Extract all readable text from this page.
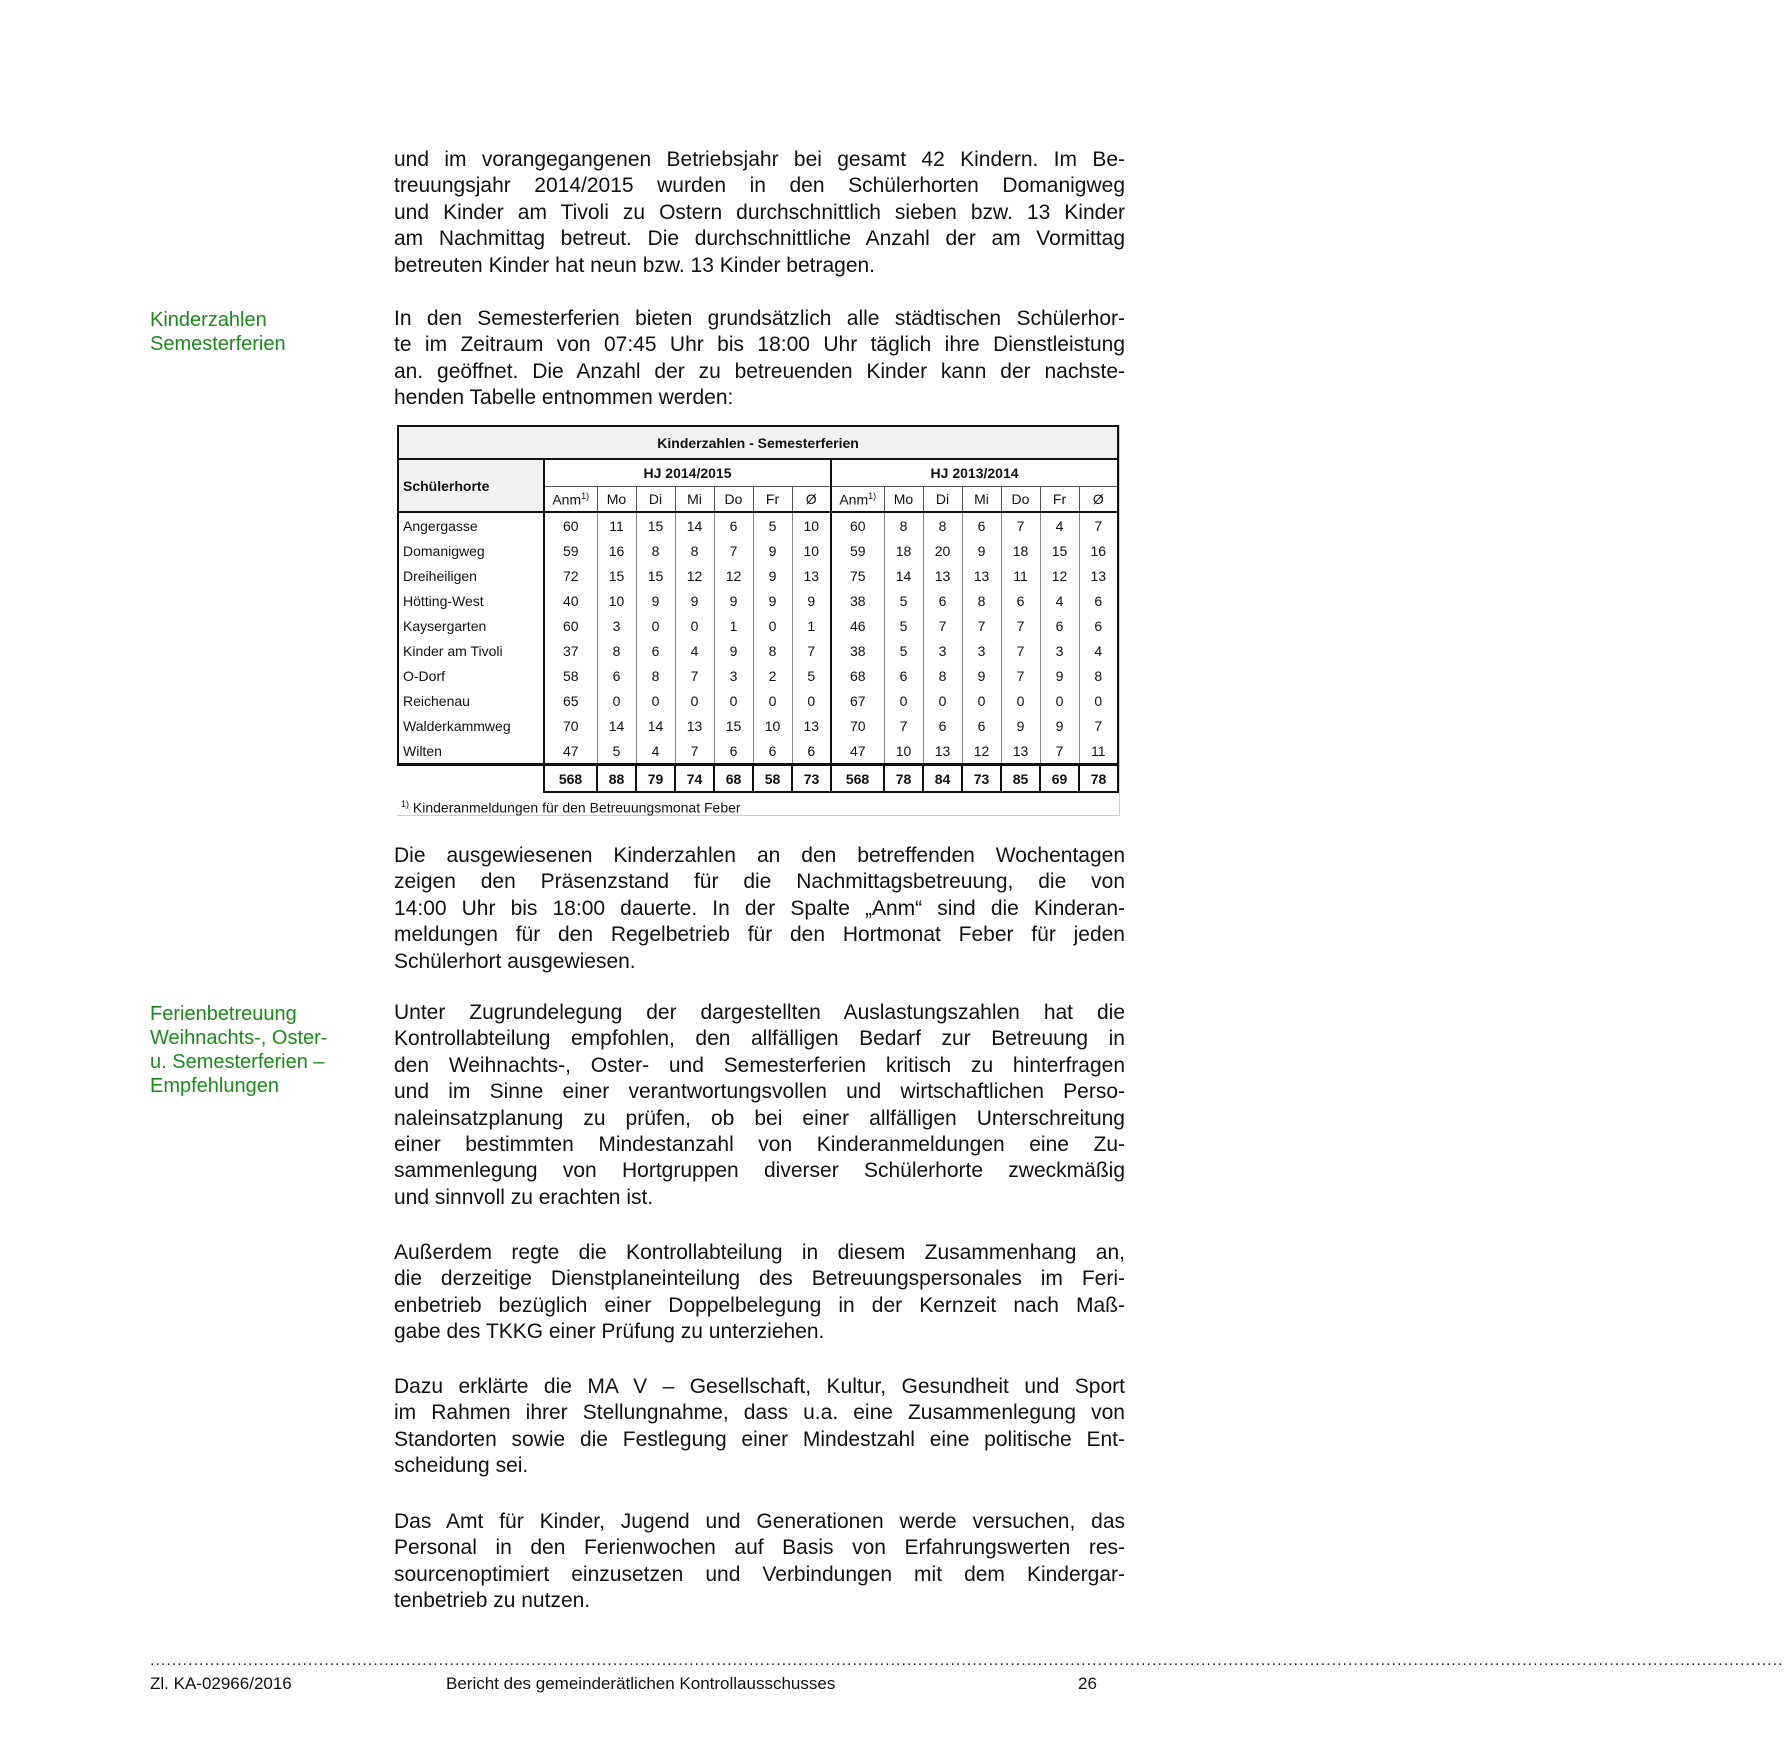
und im vorangegangenen Betriebsjahr bei gesamt 42 Kindern. Im Be-
treuungsjahr 2014/2015 wurden in den Schülerhorten Domanigweg
und Kinder am Tivoli zu Ostern durchschnittlich sieben bzw. 13 Kinder
am Nachmittag betreut. Die durchschnittliche Anzahl der am Vormittag
betreuten Kinder hat neun bzw. 13 Kinder betragen.
Kinderzahlen
Semesterferien
In den Semesterferien bieten grundsätzlich alle städtischen Schülerhor-
te im Zeitraum von 07:45 Uhr bis 18:00 Uhr täglich ihre Dienstleistung
an. geöffnet. Die Anzahl der zu betreuenden Kinder kann der nachste-
henden Tabelle entnommen werden:
Kinderzahlen - Semesterferien														
Schülerhorte	HJ 2014/2015							HJ 2013/2014						
	Anm$^{1)}$	Mo	Di	Mi	Do	Fr	Ø	Anm$^{1)}$	Mo	Di	Mi	Do	Fr	Ø
Angergasse	60	11	15	14	6	5	10	60	8	8	6	7	4	7
Domanigweg	59	16	8	8	7	9	10	59	18	20	9	18	15	16
Dreiheiligen	72	15	15	12	12	9	13	75	14	13	13	11	12	13
Hötting-West	40	10	9	9	9	9	9	38	5	6	8	6	4	6
Kaysergarten	60	3	0	0	1	0	1	46	5	7	7	7	6	6
Kinder am Tivoli	37	8	6	4	9	8	7	38	5	3	3	7	3	4
O-Dorf	58	6	8	7	3	2	5	68	6	8	9	7	9	8
Reichenau	65	0	0	0	0	0	0	67	0	0	0	0	0	0
Walderkammweg	70	14	14	13	15	10	13	70	7	6	6	9	9	7
Wilten	47	5	4	7	6	6	6	47	10	13	12	13	7	11
	568	88	79	74	68	58	73	568	78	84	73	85	69	78
$^{1)}$ Kinderanmeldungen für den Betreuungsmonat Feber
Die ausgewiesenen Kinderzahlen an den betreffenden Wochentagen
zeigen den Präsenzstand für die Nachmittagsbetreuung, die von
14:00 Uhr bis 18:00 dauerte. In der Spalte „Anm“ sind die Kinderan-
meldungen für den Regelbetrieb für den Hortmonat Feber für jeden
Schülerhort ausgewiesen.
Ferienbetreuung
Weihnachts-, Oster-
u. Semesterferien –
Empfehlungen
Unter Zugrundelegung der dargestellten Auslastungszahlen hat die
Kontrollabteilung empfohlen, den allfälligen Bedarf zur Betreuung in
den Weihnachts-, Oster- und Semesterferien kritisch zu hinterfragen
und im Sinne einer verantwortungsvollen und wirtschaftlichen Perso-
naleinsatzplanung zu prüfen, ob bei einer allfälligen Unterschreitung
einer bestimmten Mindestanzahl von Kinderanmeldungen eine Zu-
sammenlegung von Hortgruppen diverser Schülerhorte zweckmäßig
und sinnvoll zu erachten ist.
Außerdem regte die Kontrollabteilung in diesem Zusammenhang an,
die derzeitige Dienstplaneinteilung des Betreuungspersonales im Feri-
enbetrieb bezüglich einer Doppelbelegung in der Kernzeit nach Maß-
gabe des TKKG einer Prüfung zu unterziehen.
Dazu erklärte die MA V – Gesellschaft, Kultur, Gesundheit und Sport
im Rahmen ihrer Stellungnahme, dass u.a. eine Zusammenlegung von
Standorten sowie die Festlegung einer Mindestzahl eine politische Ent-
scheidung sei.
Das Amt für Kinder, Jugend und Generationen werde versuchen, das
Personal in den Ferienwochen auf Basis von Erfahrungswerten res-
sourcenoptimiert einzusetzen und Verbindungen mit dem Kindergar-
tenbetrieb zu nutzen.
............................................................................................................................................................................................................................................................................................................
Zl. KA-02966/2016	Bericht des gemeinderätlichen Kontrollausschusses	26
